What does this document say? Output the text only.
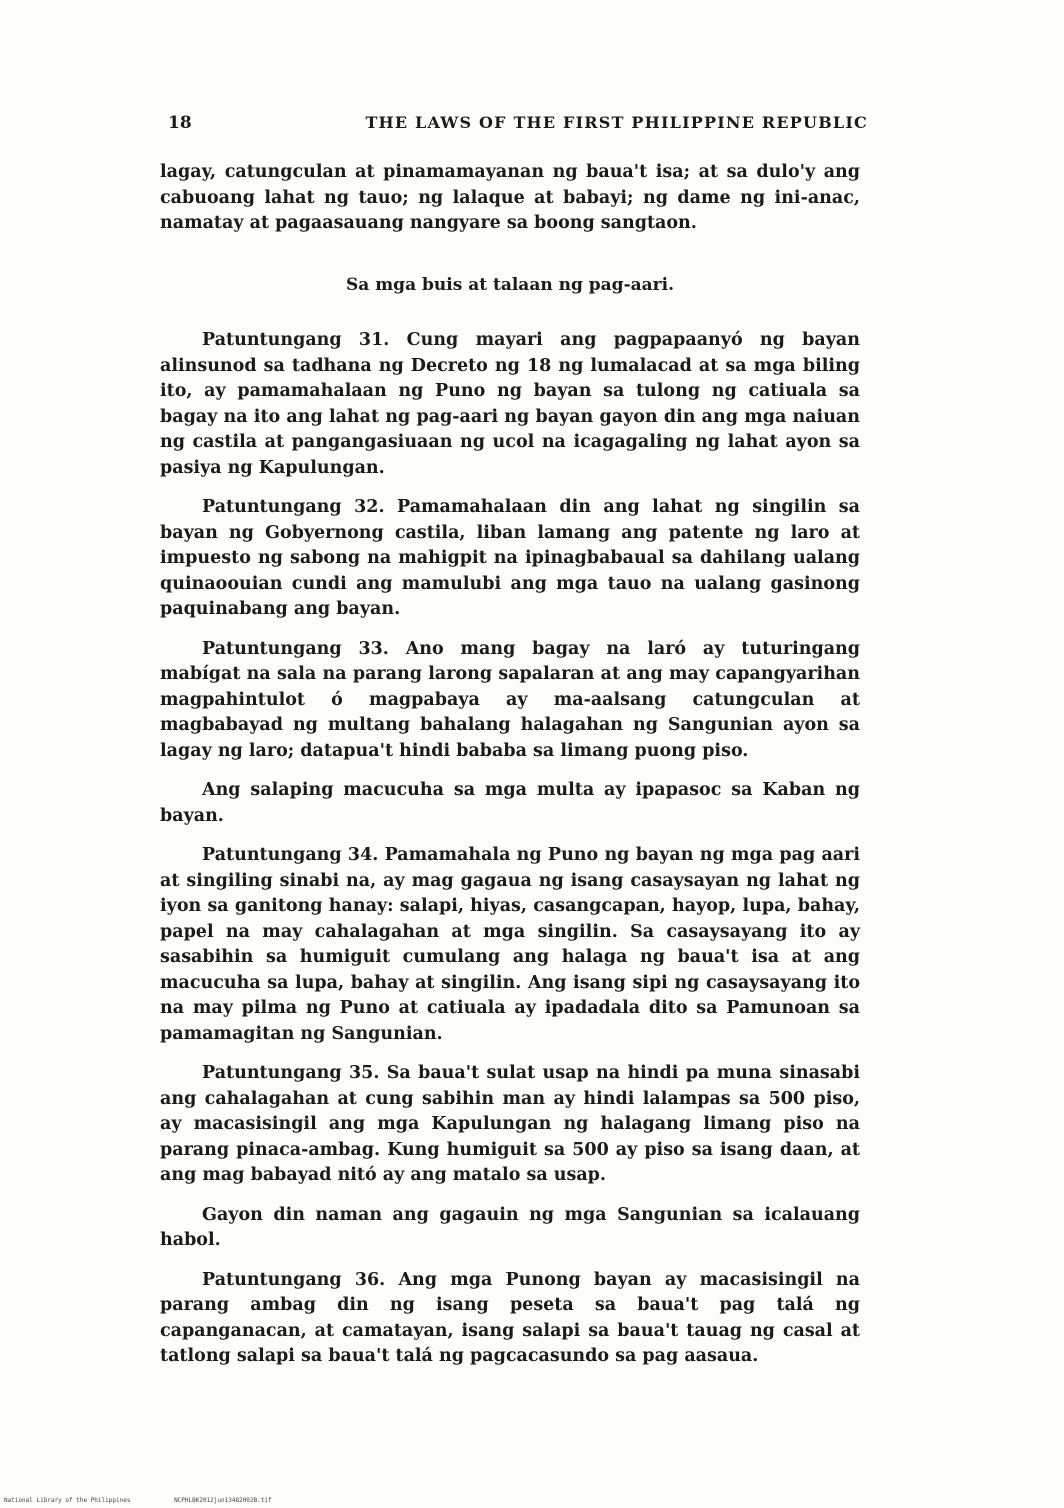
18	THE LAWS OF THE FIRST PHILIPPINE REPUBLIC

lagay, catungculan at pinamamayanan ng baua't isa; at sa dulo'y ang cabuoang lahat ng tauo; ng lalaque at babayi; ng dame ng ini-anac, namatay at pagaasauang nangyare sa boong sangtaon.

Sa mga buis at talaan ng pag-aari.

Patuntungang 31. Cung mayari ang pagpapaanyó ng bayan alinsunod sa tadhana ng Decreto ng 18 ng lumalacad at sa mga biling ito, ay pamamahalaan ng Puno ng bayan sa tulong ng catiuala sa bagay na ito ang lahat ng pag-aari ng bayan gayon din ang mga naiuan ng castila at pangangasiuaan ng ucol na icagagaling ng lahat ayon sa pasiya ng Kapulungan.

Patuntungang 32. Pamamahalaan din ang lahat ng singilin sa bayan ng Gobyernong castila, liban lamang ang patente ng laro at impuesto ng sabong na mahigpit na ipinagbabaual sa dahilang ualang quinaoouian cundi ang mamulubi ang mga tauo na ualang gasinong paquinabang ang bayan.

Patuntungang 33. Ano mang bagay na laró ay tuturingang mabígat na sala na parang larong sapalaran at ang may capangyarihan magpahintulot ó magpabaya ay ma-aalsang catungculan at magbabayad ng multang bahalang halagahan ng Sangunian ayon sa lagay ng laro; datapua't hindi bababa sa limang puong piso.

Ang salaping macucuha sa mga multa ay ipapasoc sa Kaban ng bayan.

Patuntungang 34. Pamamahala ng Puno ng bayan ng mga pag aari at singiling sinabi na, ay mag gagaua ng isang casaysayan ng lahat ng iyon sa ganitong hanay: salapi, hiyas, casangcapan, hayop, lupa, bahay, papel na may cahalagahan at mga singilin. Sa casaysayang ito ay sasabihin sa humiguit cumulang ang halaga ng baua't isa at ang macucuha sa lupa, bahay at singilin. Ang isang sipi ng casaysayang ito na may pilma ng Puno at catiuala ay ipadadala dito sa Pamunoan sa pamamagitan ng Sangunian.

Patuntungang 35. Sa baua't sulat usap na hindi pa muna sinasabi ang cahalagahan at cung sabihin man ay hindi lalampas sa 500 piso, ay macasisingil ang mga Kapulungan ng halagang limang piso na parang pinaca-ambag. Kung humiguit sa 500 ay piso sa isang daan, at ang mag babayad nitó ay ang matalo sa usap.

Gayon din naman ang gagauin ng mga Sangunian sa icalauang habol.

Patuntungang 36. Ang mga Punong bayan ay macasisingil na parang ambag din ng isang peseta sa baua't pag talá ng capanganacan, at camatayan, isang salapi sa baua't tauag ng casal at tatlong salapi sa baua't talá ng pagcacasundo sa pag aasaua.

National Library of the Philippines	NCPHLBK2012jun13482002B.tif
